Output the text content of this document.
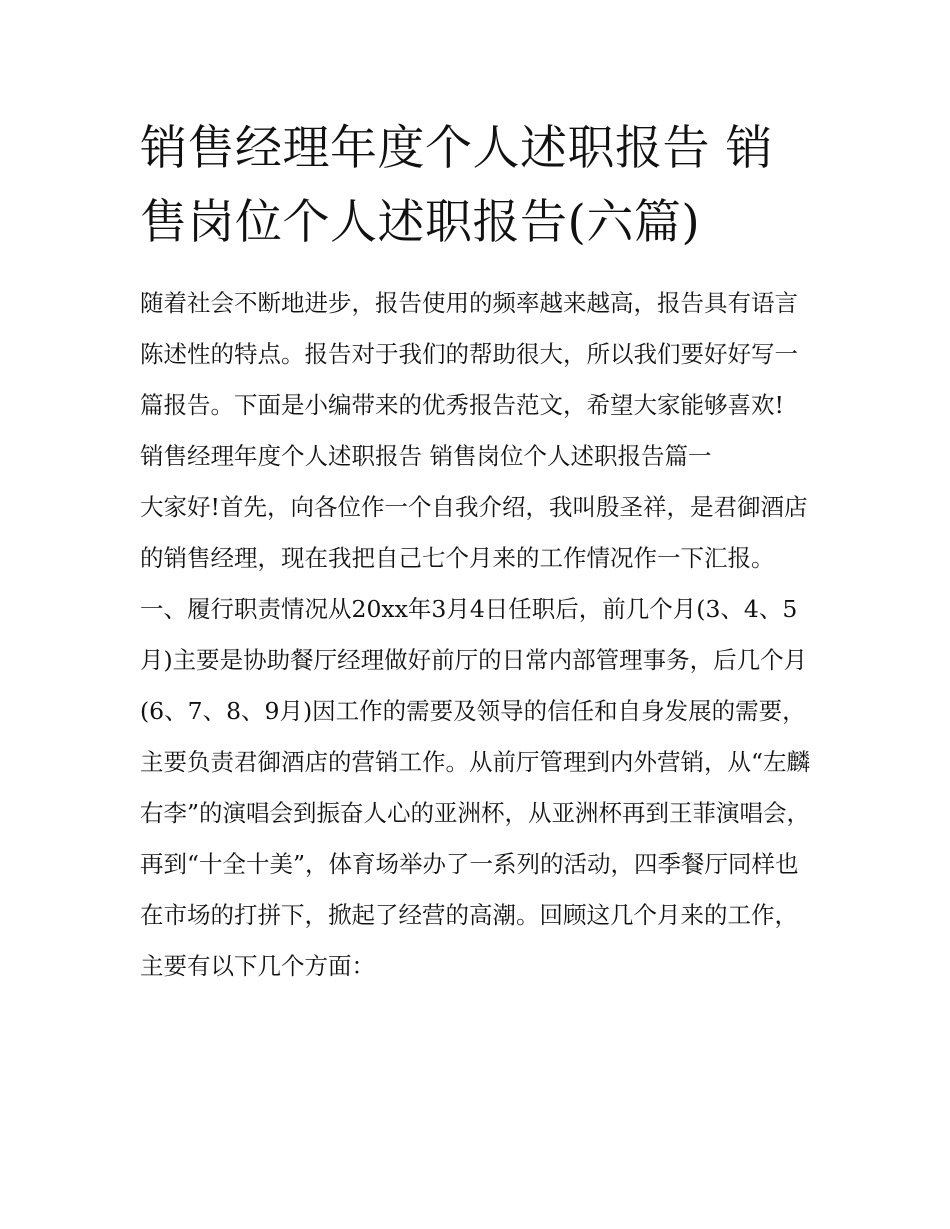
销售经理年度个人述职报告 销售岗位个人述职报告(六篇)

随着社会不断地进步，报告使用的频率越来越高，报告具有语言陈述性的特点。报告对于我们的帮助很大，所以我们要好好写一篇报告。下面是小编带来的优秀报告范文，希望大家能够喜欢!

销售经理年度个人述职报告 销售岗位个人述职报告篇一

大家好!首先，向各位作一个自我介绍，我叫殷圣祥，是君御酒店的销售经理，现在我把自己七个月来的工作情况作一下汇报。

一、履行职责情况从20xx年3月4日任职后，前几个月(3、4、5月)主要是协助餐厅经理做好前厅的日常内部管理事务，后几个月(6、7、8、9月)因工作的需要及领导的信任和自身发展的需要，主要负责君御酒店的营销工作。从前厅管理到内外营销，从“左麟右李”的演唱会到振奋人心的亚洲杯，从亚洲杯再到王菲演唱会，再到“十全十美”，体育场举办了一系列的活动，四季餐厅同样也在市场的打拼下，掀起了经营的高潮。回顾这几个月来的工作，主要有以下几个方面：
